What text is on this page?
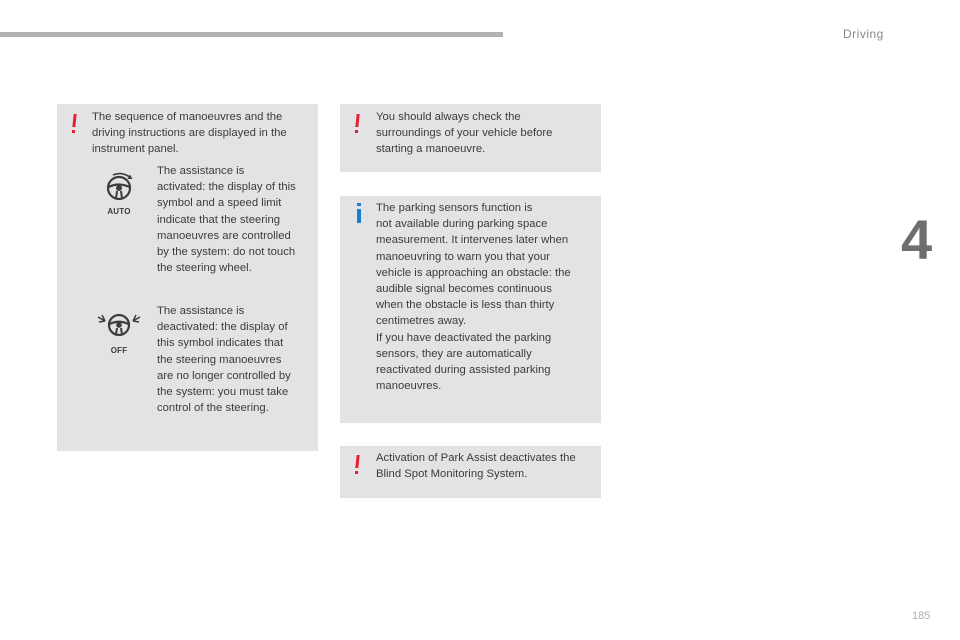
Driving
4
The sequence of manoeuvres and the
driving instructions are displayed in the
instrument panel.
AUTO
The assistance is
activated: the display of this
symbol and a speed limit
indicate that the steering
manoeuvres are controlled
by the system: do not touch
the steering wheel.
OFF
The assistance is
deactivated: the display of
this symbol indicates that
the steering manoeuvres
are no longer controlled by
the system: you must take
control of the steering.
You should always check the
surroundings of your vehicle before
starting a manoeuvre.
The parking sensors function is
not available during parking space
measurement. It intervenes later when
manoeuvring to warn you that your
vehicle is approaching an obstacle: the
audible signal becomes continuous
when the obstacle is less than thirty
centimetres away.
If you have deactivated the parking
sensors, they are automatically
reactivated during assisted parking
manoeuvres.
Activation of Park Assist deactivates the
Blind Spot Monitoring System.
185
